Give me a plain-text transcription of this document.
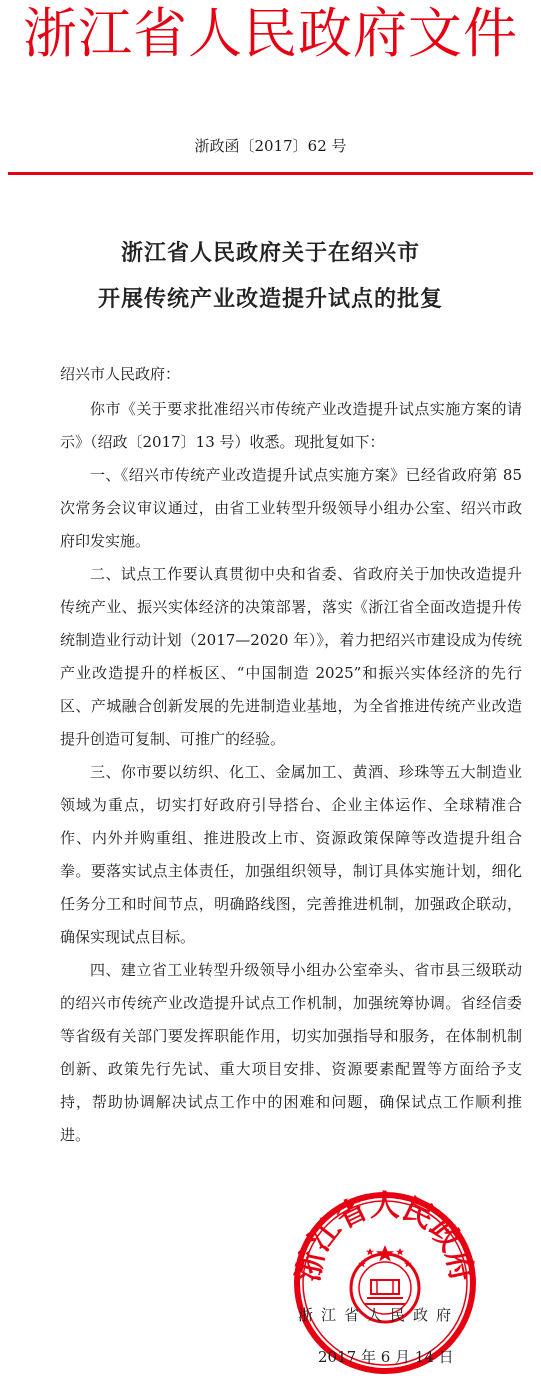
浙江省人民政府文件
浙政函〔2017〕62 号
浙江省人民政府关于在绍兴市
开展传统产业改造提升试点的批复

绍兴市人民政府：

你市《关于要求批准绍兴市传统产业改造提升试点实施方案的请示》（绍政〔2017〕13 号）收悉。现批复如下：

一、《绍兴市传统产业改造提升试点实施方案》已经省政府第 85 次常务会议审议通过，由省工业转型升级领导小组办公室、绍兴市政府印发实施。

二、试点工作要认真贯彻中央和省委、省政府关于加快改造提升传统产业、振兴实体经济的决策部署，落实《浙江省全面改造提升传统制造业行动计划（2017—2020 年）》，着力把绍兴市建设成为传统产业改造提升的样板区、“中国制造 2025”和振兴实体经济的先行区、产城融合创新发展的先进制造业基地，为全省推进传统产业改造提升创造可复制、可推广的经验。

三、你市要以纺织、化工、金属加工、黄酒、珍珠等五大制造业领域为重点，切实打好政府引导搭台、企业主体运作、全球精准合作、内外并购重组、推进股改上市、资源政策保障等改造提升组合拳。要落实试点主体责任，加强组织领导，制订具体实施计划，细化任务分工和时间节点，明确路线图，完善推进机制，加强政企联动，确保实现试点目标。

四、建立省工业转型升级领导小组办公室牵头、省市县三级联动的绍兴市传统产业改造提升试点工作机制，加强统筹协调。省经信委等省级有关部门要发挥职能作用，切实加强指导和服务，在体制机制创新、政策先行先试、重大项目安排、资源要素配置等方面给予支持，帮助协调解决试点工作中的困难和问题，确保试点工作顺利推进。

浙江省人民政府
浙江省人民政府
2017 年 6 月 14 日
